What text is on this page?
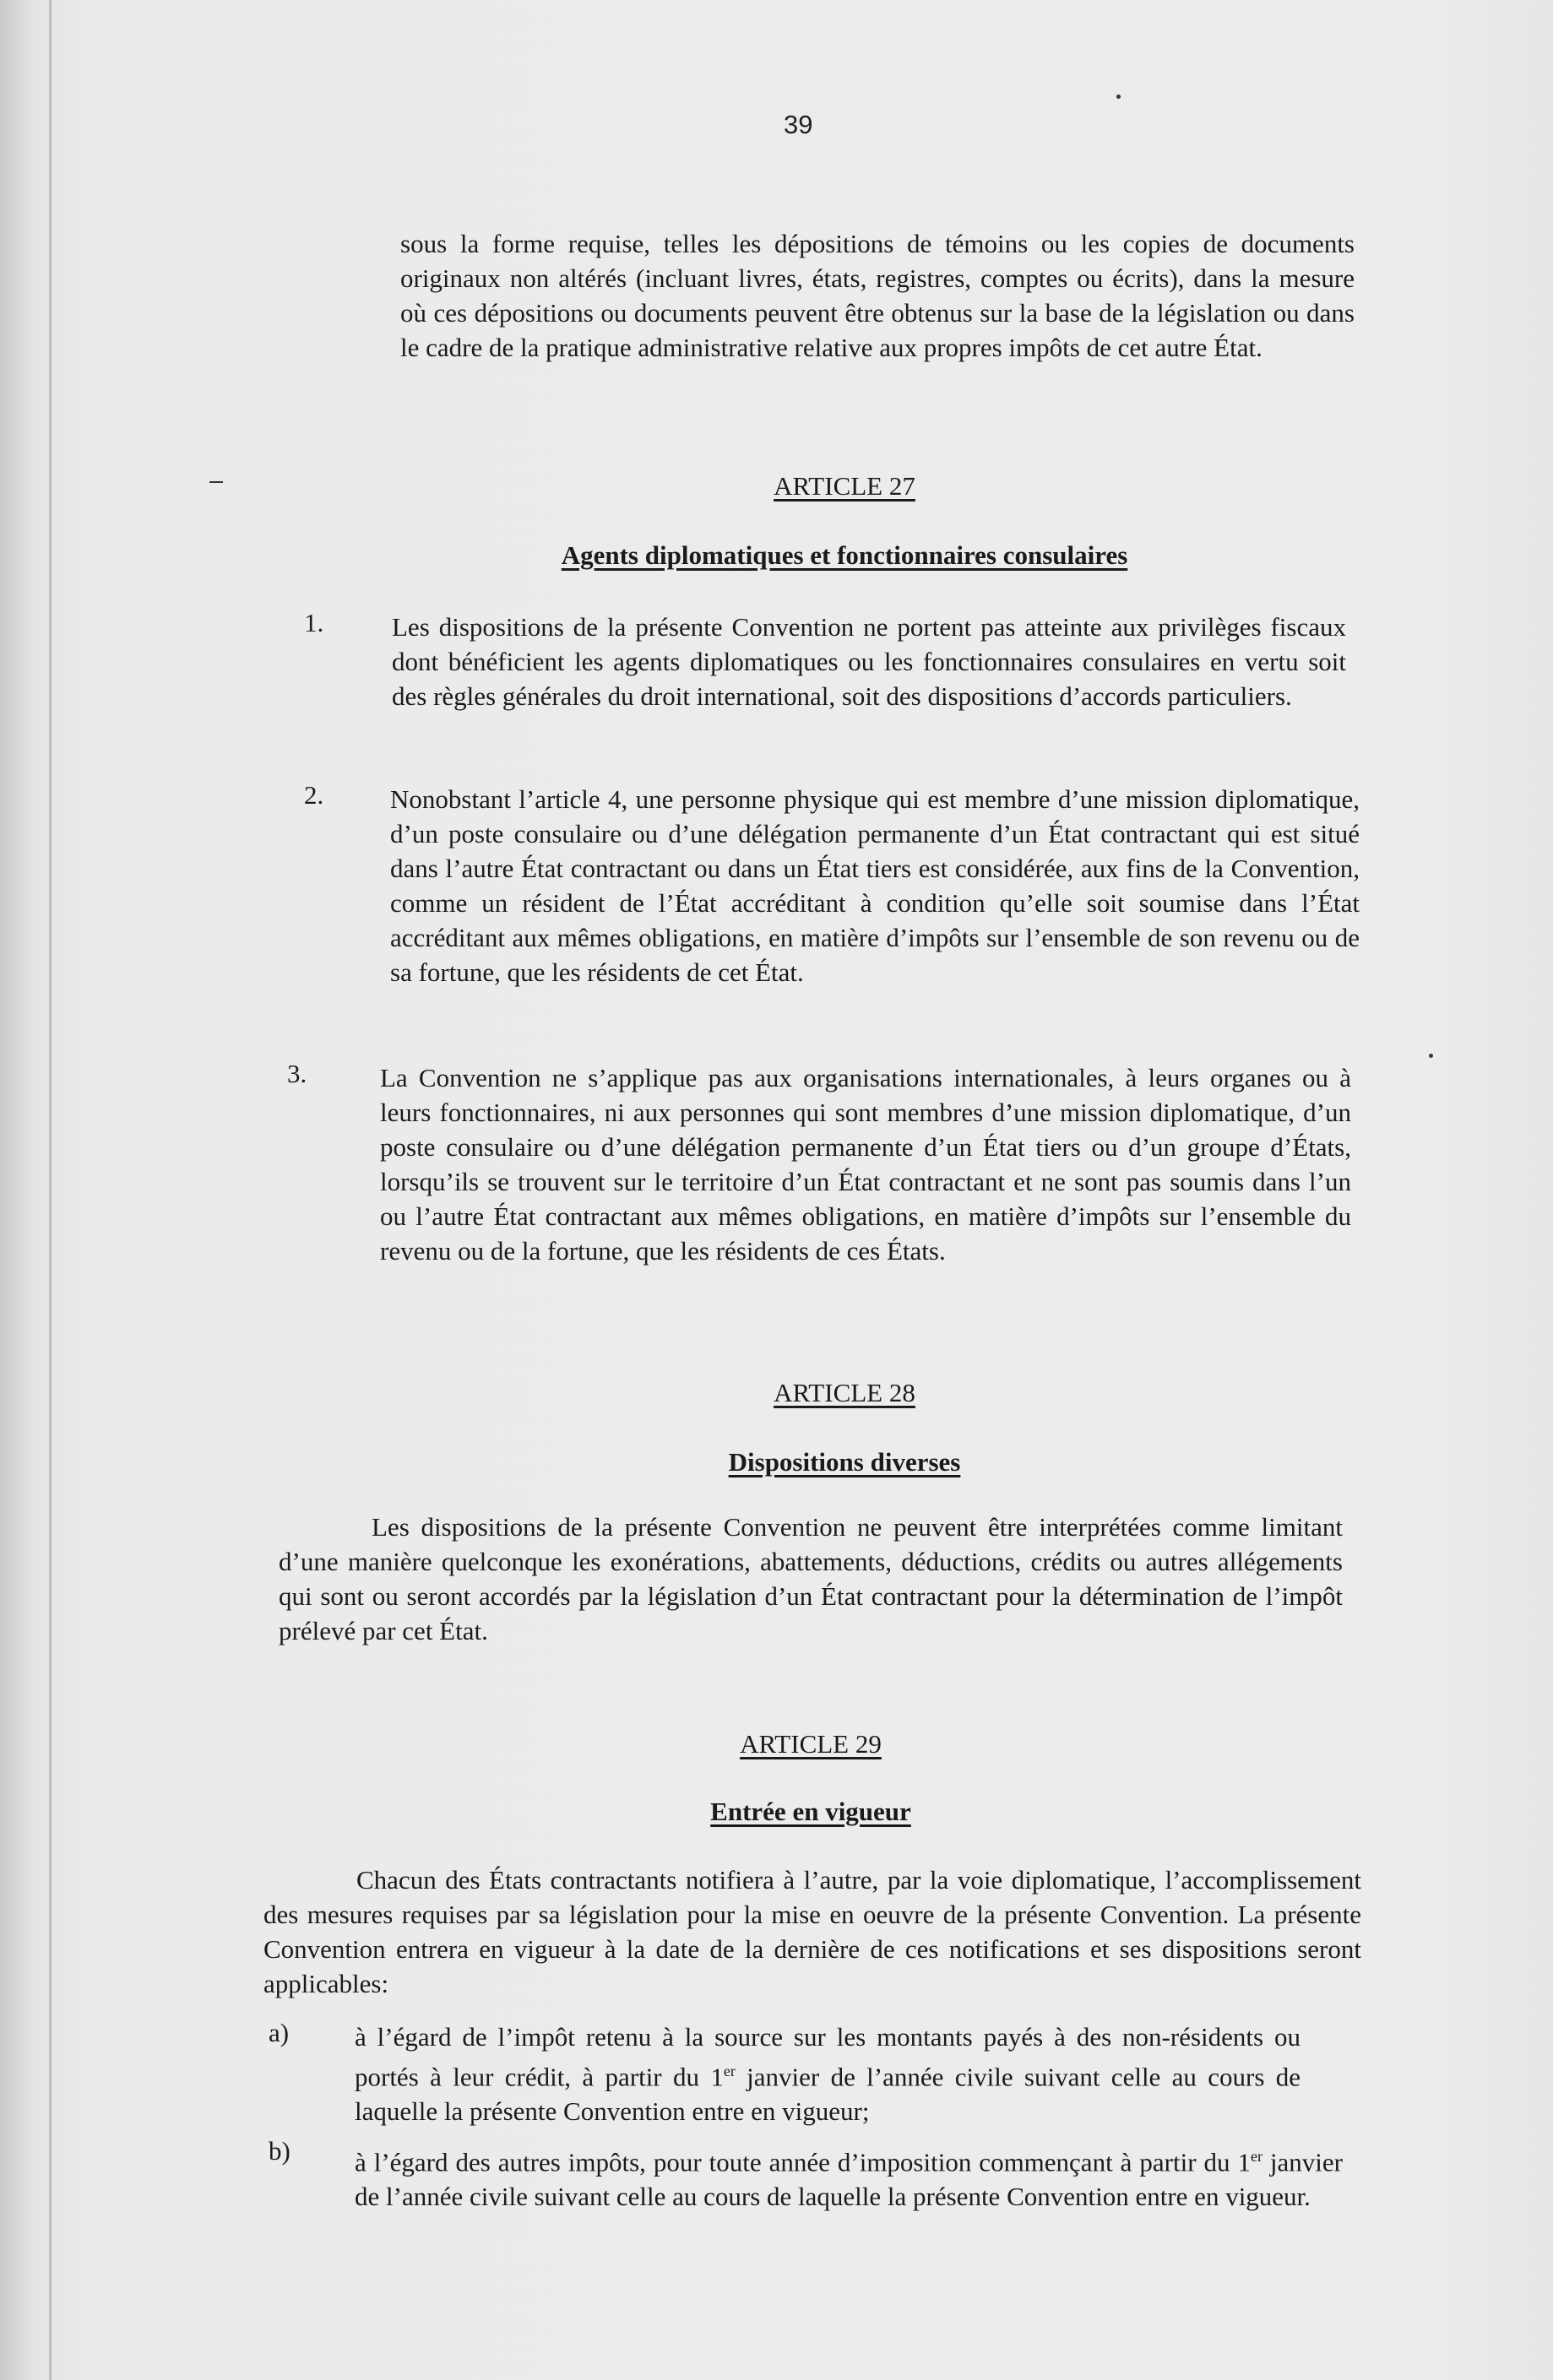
39
sous la forme requise, telles les dépositions de témoins ou les copies de documents originaux non altérés (incluant livres, états, registres, comptes ou écrits), dans la mesure où ces dépositions ou documents peuvent être obtenus sur la base de la législation ou dans le cadre de la pratique administrative relative aux propres impôts de cet autre État.
ARTICLE 27
Agents diplomatiques et fonctionnaires consulaires
1.	Les dispositions de la présente Convention ne portent pas atteinte aux privilèges fiscaux dont bénéficient les agents diplomatiques ou les fonctionnaires consulaires en vertu soit des règles générales du droit international, soit des dispositions d’accords particuliers.
2.	Nonobstant l’article 4, une personne physique qui est membre d’une mission diplomatique, d’un poste consulaire ou d’une délégation permanente d’un État contractant qui est situé dans l’autre État contractant ou dans un État tiers est considérée, aux fins de la Convention, comme un résident de l’État accréditant à condition qu’elle soit soumise dans l’État accréditant aux mêmes obligations, en matière d’impôts sur l’ensemble de son revenu ou de sa fortune, que les résidents de cet État.
3.	La Convention ne s’applique pas aux organisations internationales, à leurs organes ou à leurs fonctionnaires, ni aux personnes qui sont membres d’une mission diplomatique, d’un poste consulaire ou d’une délégation permanente d’un État tiers ou d’un groupe d’États, lorsqu’ils se trouvent sur le territoire d’un État contractant et ne sont pas soumis dans l’un ou l’autre État contractant aux mêmes obligations, en matière d’impôts sur l’ensemble du revenu ou de la fortune, que les résidents de ces États.
ARTICLE 28
Dispositions diverses
Les dispositions de la présente Convention ne peuvent être interprétées comme limitant d’une manière quelconque les exonérations, abattements, déductions, crédits ou autres allégements qui sont ou seront accordés par la législation d’un État contractant pour la détermination de l’impôt prélevé par cet État.
ARTICLE 29
Entrée en vigueur
Chacun des États contractants notifiera à l’autre, par la voie diplomatique, l’accomplissement des mesures requises par sa législation pour la mise en oeuvre de la présente Convention. La présente Convention entrera en vigueur à la date de la dernière de ces notifications et ses dispositions seront applicables:
a)	à l’égard de l’impôt retenu à la source sur les montants payés à des non-résidents ou portés à leur crédit, à partir du 1er janvier de l’année civile suivant celle au cours de laquelle la présente Convention entre en vigueur;
b) à l’égard des autres impôts, pour toute année d’imposition commençant à partir du 1er janvier de l’année civile suivant celle au cours de laquelle la présente Convention entre en vigueur.
